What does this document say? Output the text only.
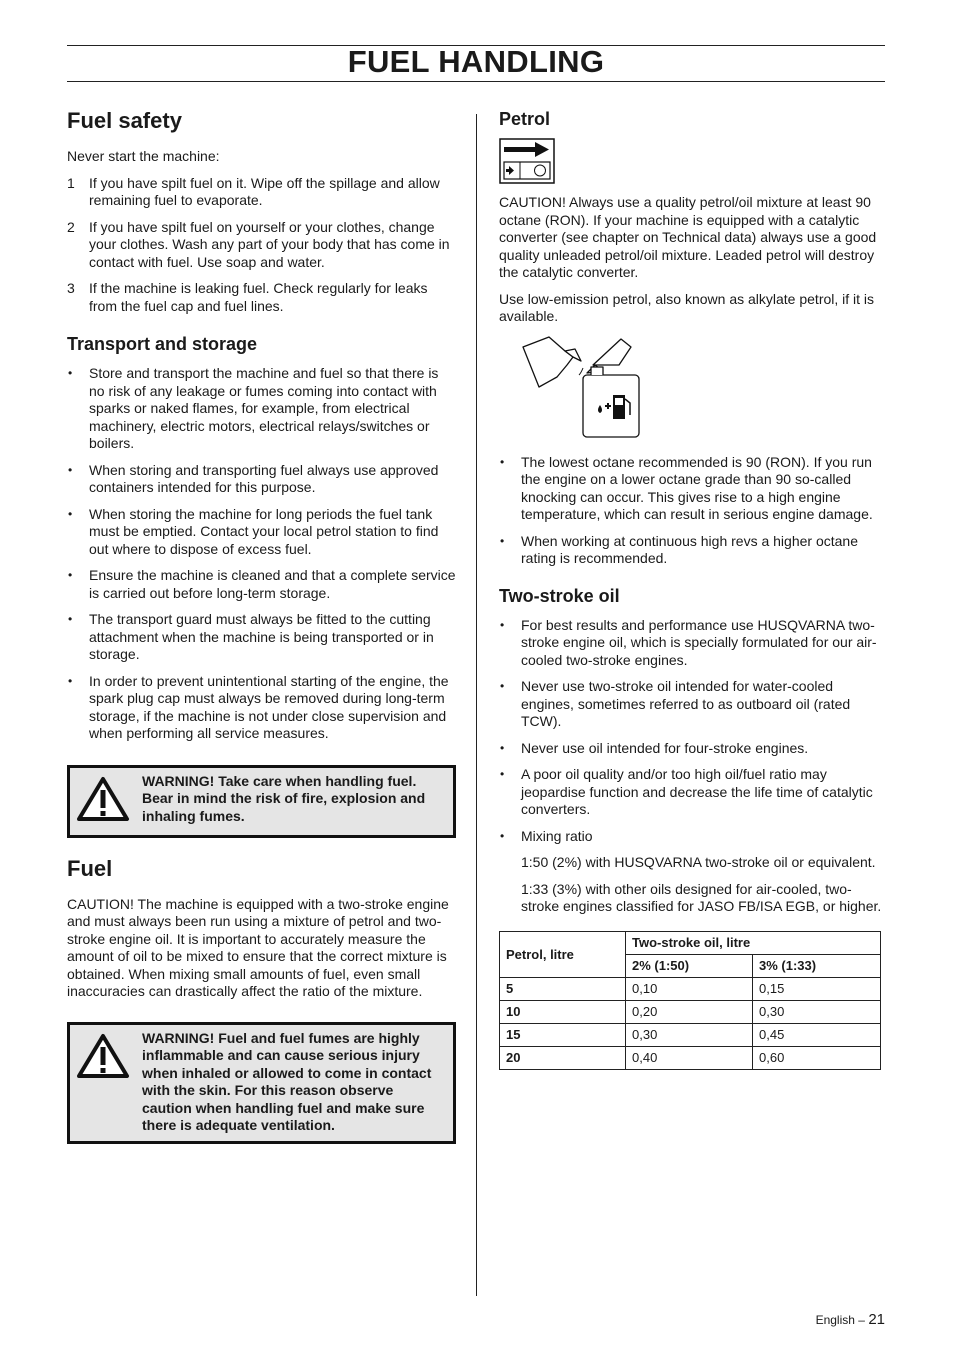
FUEL HANDLING
Fuel safety

Never start the machine:

1 If you have spilt fuel on it. Wipe off the spillage and allow remaining fuel to evaporate.
2 If you have spilt fuel on yourself or your clothes, change your clothes. Wash any part of your body that has come in contact with fuel. Use soap and water.
3 If the machine is leaking fuel. Check regularly for leaks from the fuel cap and fuel lines.
Transport and storage
• Store and transport the machine and fuel so that there is no risk of any leakage or fumes coming into contact with sparks or naked flames, for example, from electrical machinery, electric motors, electrical relays/switches or boilers.
• When storing and transporting fuel always use approved containers intended for this purpose.
• When storing the machine for long periods the fuel tank must be emptied. Contact your local petrol station to find out where to dispose of excess fuel.
• Ensure the machine is cleaned and that a complete service is carried out before long-term storage.
• The transport guard must always be fitted to the cutting attachment when the machine is being transported or in storage.
• In order to prevent unintentional starting of the engine, the spark plug cap must always be removed during long-term storage, if the machine is not under close supervision and when performing all service measures.
WARNING! Take care when handling fuel. Bear in mind the risk of fire, explosion and inhaling fumes.
Fuel

CAUTION! The machine is equipped with a two-stroke engine and must always been run using a mixture of petrol and two-stroke engine oil. It is important to accurately measure the amount of oil to be mixed to ensure that the correct mixture is obtained. When mixing small amounts of fuel, even small inaccuracies can drastically affect the ratio of the mixture.

WARNING! Fuel and fuel fumes are highly inflammable and can cause serious injury when inhaled or allowed to come in contact with the skin. For this reason observe caution when handling fuel and make sure there is adequate ventilation.
Petrol

CAUTION! Always use a quality petrol/oil mixture at least 90 octane (RON). If your machine is equipped with a catalytic converter (see chapter on Technical data) always use a good quality unleaded petrol/oil mixture. Leaded petrol will destroy the catalytic converter.

Use low-emission petrol, also known as alkylate petrol, if it is available.

• The lowest octane recommended is 90 (RON). If you run the engine on a lower octane grade than 90 so-called knocking can occur. This gives rise to a high engine temperature, which can result in serious engine damage.
• When working at continuous high revs a higher octane rating is recommended.
Two-stroke oil
• For best results and performance use HUSQVARNA two-stroke engine oil, which is specially formulated for our air-cooled two-stroke engines.
• Never use two-stroke oil intended for water-cooled engines, sometimes referred to as outboard oil (rated TCW).
• Never use oil intended for four-stroke engines.
• A poor oil quality and/or too high oil/fuel ratio may jeopardise function and decrease the life time of catalytic converters.
• Mixing ratio

1:50 (2%) with HUSQVARNA two-stroke oil or equivalent.

1:33 (3%) with other oils designed for air-cooled, two-stroke engines classified for JASO FB/ISA EGB, or higher.

Petrol, litre	Two-stroke oil, litre	
	2% (1:50)	3% (1:33)
5	0,10	0,15
10	0,20	0,30
15	0,30	0,45
20	0,40	0,60
English – 21
